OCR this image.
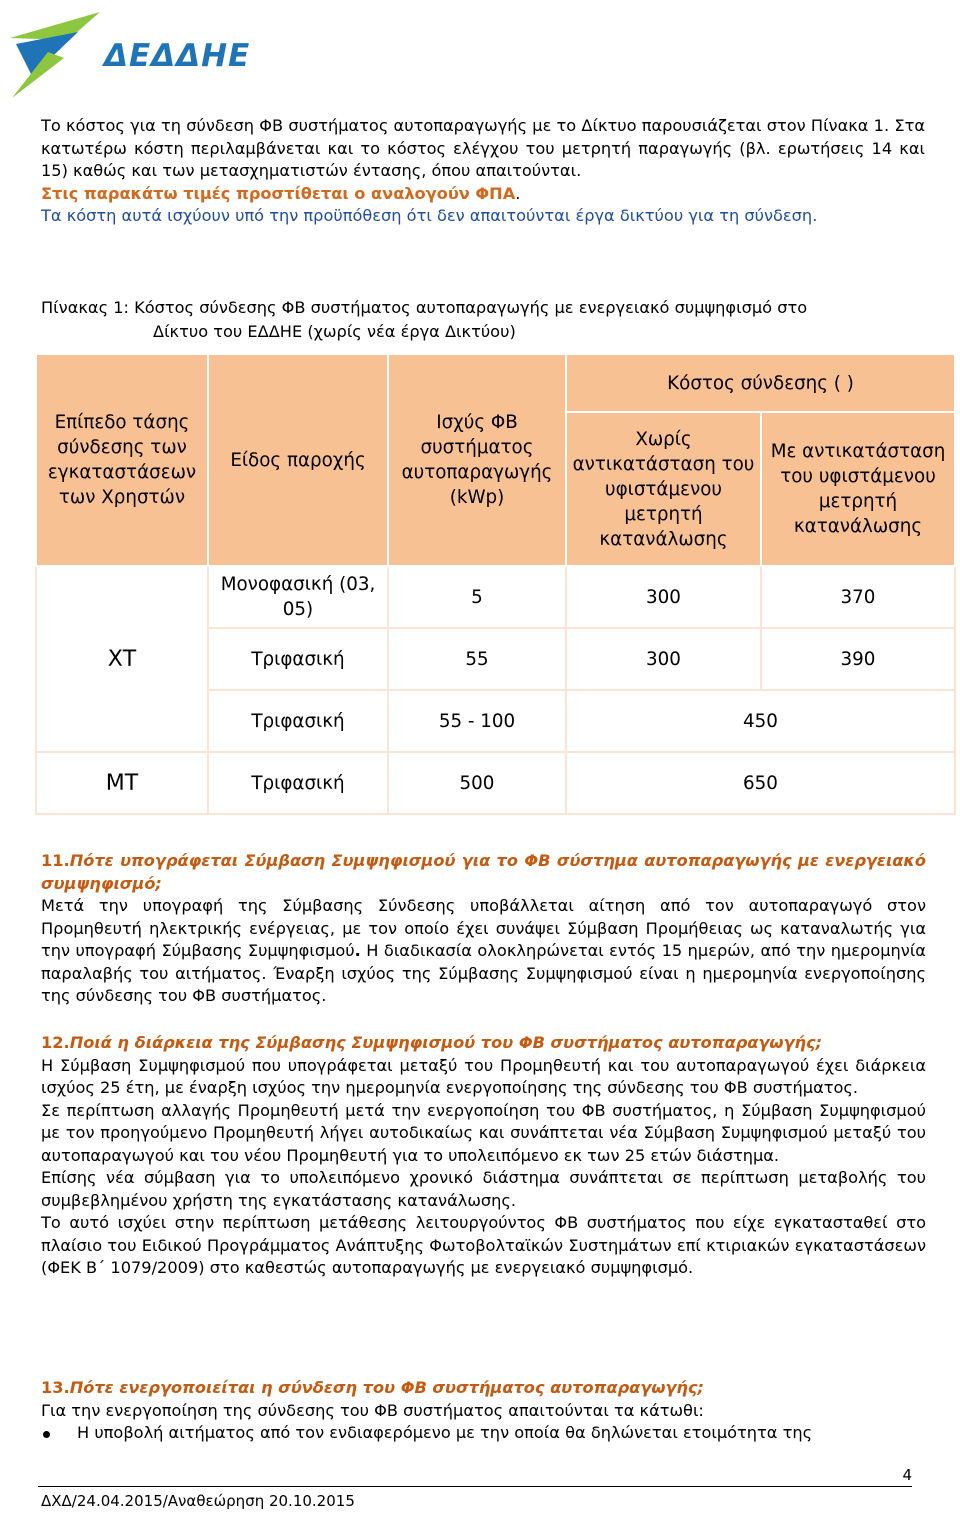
ΔΕΔΔΗΕ

Το κόστος για τη σύνδεση ΦΒ συστήματος αυτοπαραγωγής με το Δίκτυο παρουσιάζεται στον Πίνακα 1. Στα κατωτέρω κόστη περιλαμβάνεται και το κόστος ελέγχου του μετρητή παραγωγής (βλ. ερωτήσεις 14 και 15) καθώς και των μετασχηματιστών έντασης, όπου απαιτούνται.

Στις παρακάτω τιμές προστίθεται ο αναλογούν ΦΠΑ.

Τα κόστη αυτά ισχύουν υπό την προϋπόθεση ότι δεν απαιτούνται έργα δικτύου για τη σύνδεση.

Πίνακας 1: Κόστος σύνδεσης ΦΒ συστήματος αυτοπαραγωγής με ενεργειακό συμψηφισμό στο
Δίκτυο του ΕΔΔΗΕ (χωρίς νέα έργα Δικτύου)
Επίπεδο τάσης σύνδεσης των εγκαταστάσεων των Χρηστών	Είδος παροχής	Ισχύς ΦΒ συστήματος αυτοπαραγωγής (kWp)	Κόστος σύνδεσης ( )	
			Χωρίς αντικατάσταση του υφιστάμενου μετρητή κατανάλωσης	Με αντικατάσταση του υφιστάμενου μετρητή κατανάλωσης
ΧΤ	Μονοφασική (03, 05)	5	300	370
	Τριφασική	55	300	390
	Τριφασική	55 - 100	450	
ΜΤ	Τριφασική	500	650	

11.Πότε υπογράφεται Σύμβαση Συμψηφισμού για το ΦΒ σύστημα αυτοπαραγωγής με ενεργειακό συμψηφισμό;

Μετά την υπογραφή της Σύμβασης Σύνδεσης υποβάλλεται αίτηση από τον αυτοπαραγωγό στον Προμηθευτή ηλεκτρικής ενέργειας, με τον οποίο έχει συνάψει Σύμβαση Προμήθειας ως καταναλωτής για την υπογραφή Σύμβασης Συμψηφισμού. Η διαδικασία ολοκληρώνεται εντός 15 ημερών, από την ημερομηνία παραλαβής του αιτήματος. Έναρξη ισχύος της Σύμβασης Συμψηφισμού είναι η ημερομηνία ενεργοποίησης της σύνδεσης του ΦΒ συστήματος.

12.Ποιά η διάρκεια της Σύμβασης Συμψηφισμού του ΦΒ συστήματος αυτοπαραγωγής;

Η Σύμβαση Συμψηφισμού που υπογράφεται μεταξύ του Προμηθευτή και του αυτοπαραγωγού έχει διάρκεια ισχύος 25 έτη, με έναρξη ισχύος την ημερομηνία ενεργοποίησης της σύνδεσης του ΦΒ συστήματος.

Σε περίπτωση αλλαγής Προμηθευτή μετά την ενεργοποίηση του ΦΒ συστήματος, η Σύμβαση Συμψηφισμού με τον προηγούμενο Προμηθευτή λήγει αυτοδικαίως και συνάπτεται νέα Σύμβαση Συμψηφισμού μεταξύ του αυτοπαραγωγού και του νέου Προμηθευτή για το υπολειπόμενο εκ των 25 ετών διάστημα.

Επίσης νέα σύμβαση για το υπολειπόμενο χρονικό διάστημα συνάπτεται σε περίπτωση μεταβολής του συμβεβλημένου χρήστη της εγκατάστασης κατανάλωσης.

Το αυτό ισχύει στην περίπτωση μετάθεσης λειτουργούντος ΦΒ συστήματος που είχε εγκατασταθεί στο πλαίσιο του Ειδικού Προγράμματος Ανάπτυξης Φωτοβολταϊκών Συστημάτων επί κτιριακών εγκαταστάσεων (ΦΕΚ Β΄ 1079/2009) στο καθεστώς αυτοπαραγωγής με ενεργειακό συμψηφισμό.

13.Πότε ενεργοποιείται η σύνδεση του ΦΒ συστήματος αυτοπαραγωγής;

Για την ενεργοποίηση της σύνδεσης του ΦΒ συστήματος απαιτούνται τα κάτωθι:

Η υποβολή αιτήματος από τον ενδιαφερόμενο με την οποία θα δηλώνεται ετοιμότητα της
4
ΔΧΔ/24.04.2015/Αναθεώρηση 20.10.2015
